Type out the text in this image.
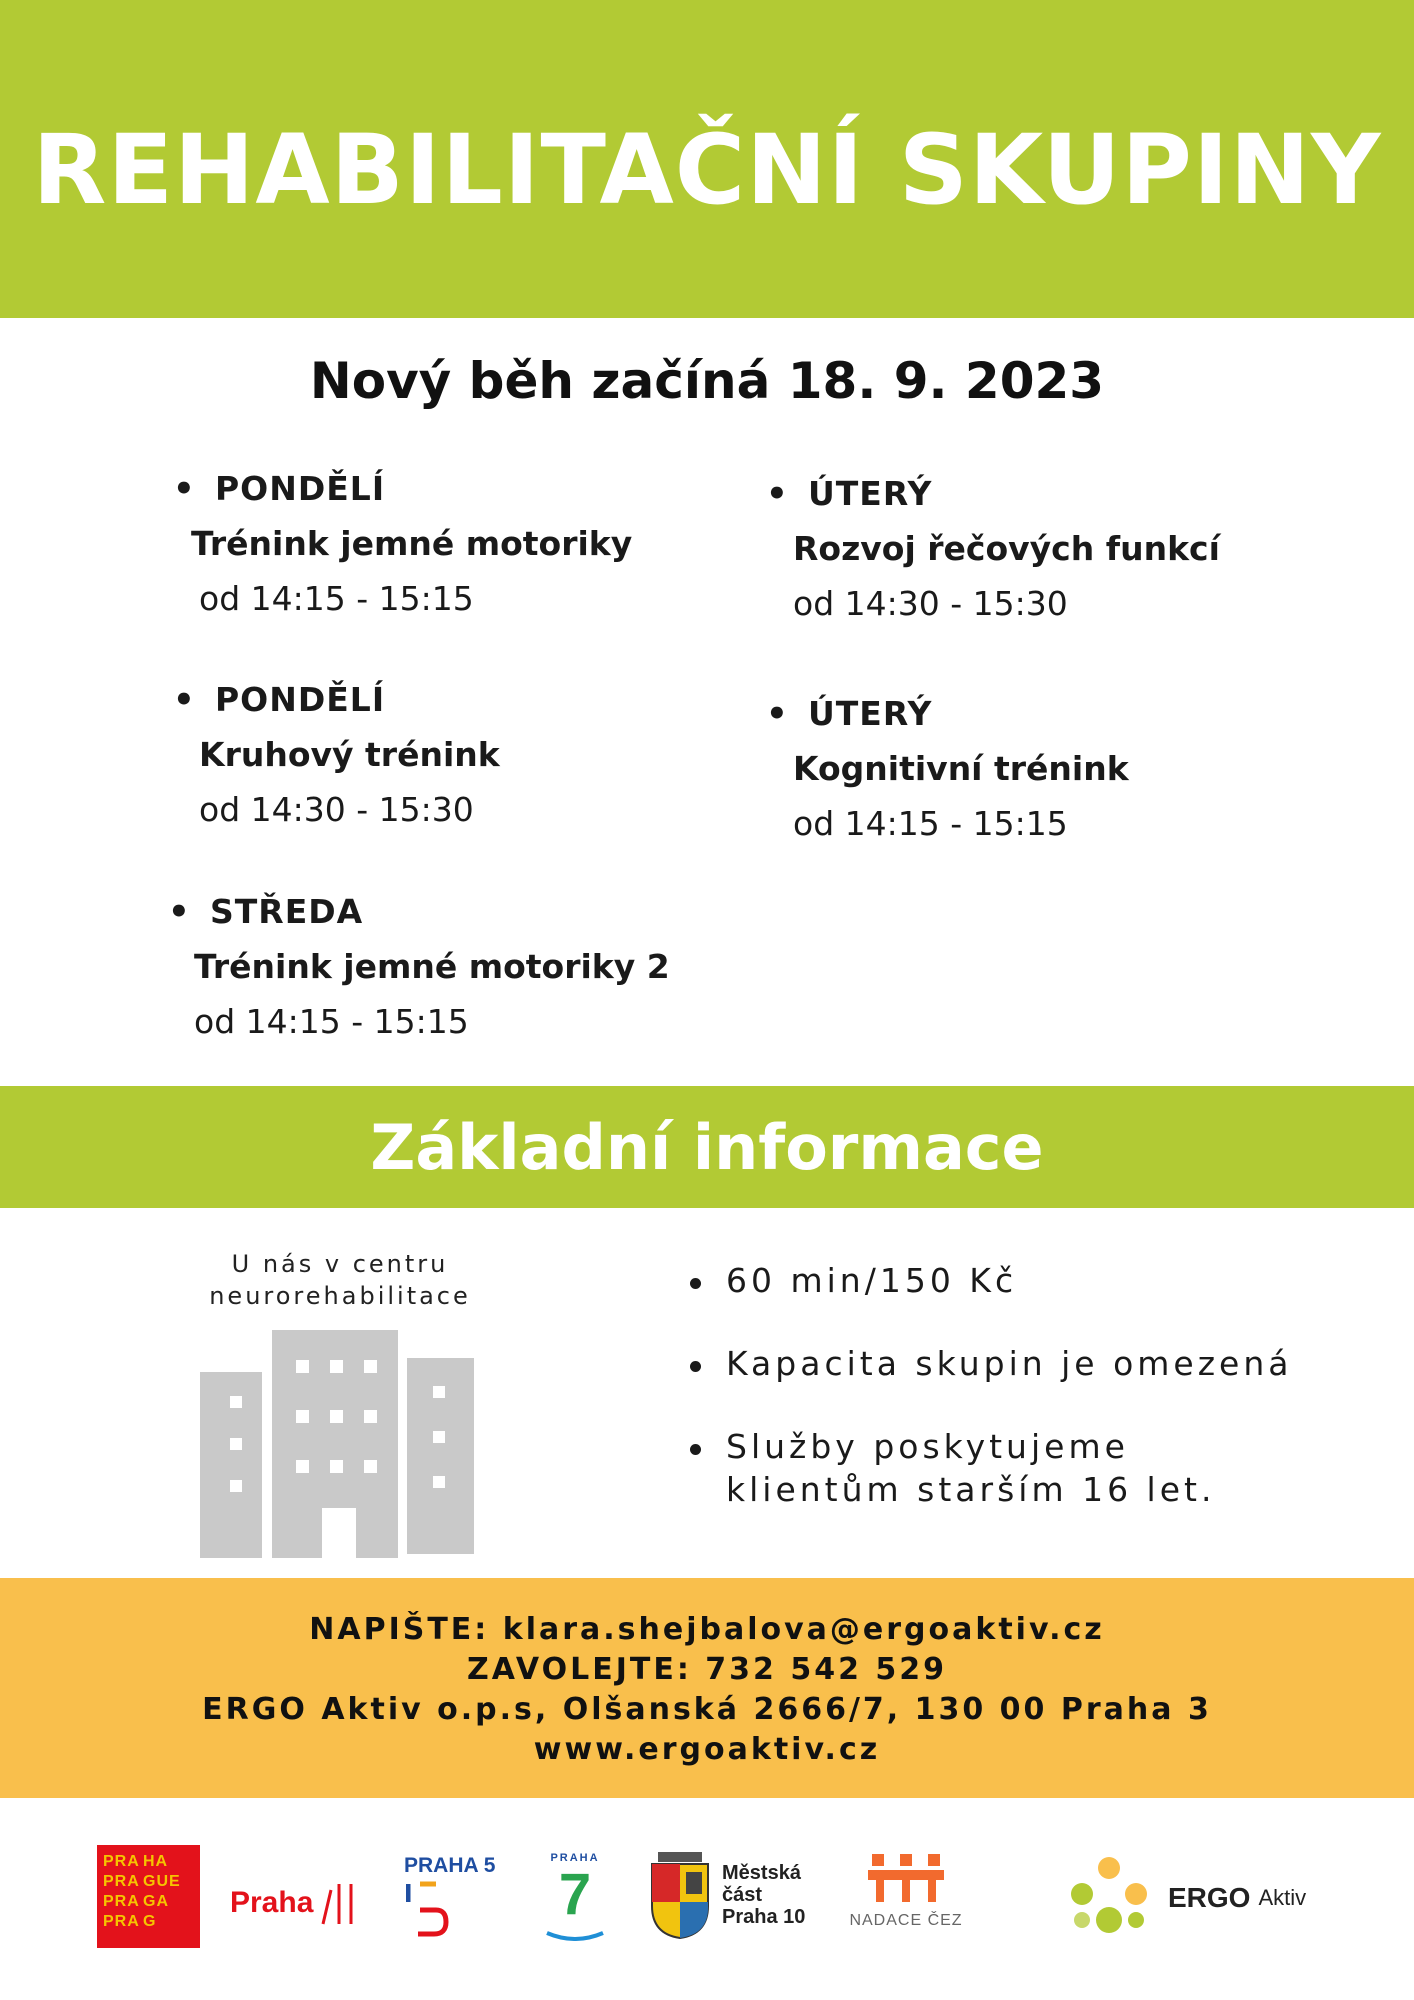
REHABILITAČNÍ SKUPINY
Nový běh začíná 18. 9. 2023
• PONDĚLÍ
Trénink jemné motoriky
od 14:15 - 15:15
• PONDĚLÍ
Kruhový trénink
od 14:30 - 15:30
• STŘEDA
Trénink jemné motoriky 2
od 14:15 - 15:15
• ÚTERÝ
Rozvoj řečových funkcí
od 14:30 - 15:30
• ÚTERÝ
Kognitivní trénink
od 14:15 - 15:15
Základní informace
U nás v centru
neurorehabilitace	60 min/150 Kč
Kapacita skupin je omezená
Služby poskytujeme klientům starším 16 let.
NAPIŠTE: klara.shejbalova@ergoaktiv.cz
ZAVOLEJTE: 732 542 529
ERGO Aktiv o.p.s, Olšanská 2666/7, 130 00 Praha 3
www.ergoaktiv.cz
PRA HA
PRA GUE
PRA GA
PRA G
Praha
PRAHA 5	PRAHA
7	Městská
část
Praha 10	NADACE ČEZ
ERGO Aktiv
